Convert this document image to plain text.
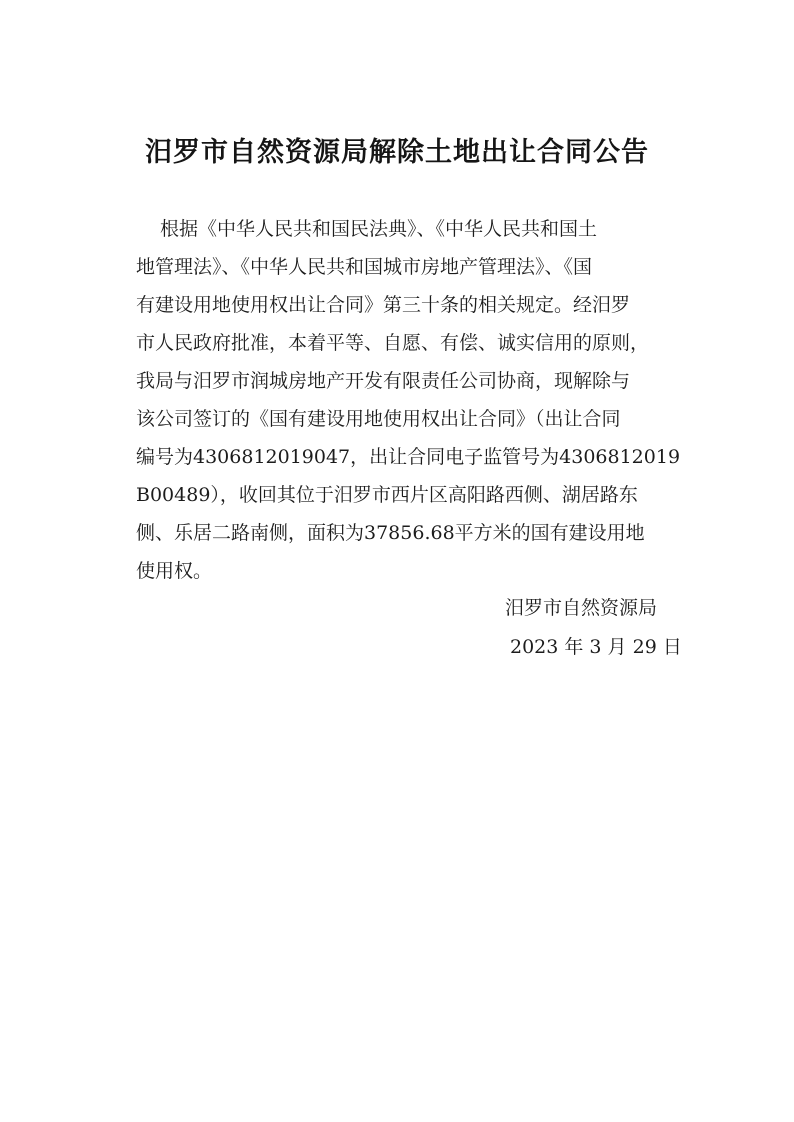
汨罗市自然资源局解除土地出让合同公告
根据《中华人民共和国民法典》、《中华人民共和国土
地管理法》、《中华人民共和国城市房地产管理法》、《国
有建设用地使用权出让合同》第三十条的相关规定。经汨罗
市人民政府批准，本着平等、自愿、有偿、诚实信用的原则，
我局与汨罗市润城房地产开发有限责任公司协商，现解除与
该公司签订的《国有建设用地使用权出让合同》（出让合同
编号为4306812019047，出让合同电子监管号为4306812019
B00489），收回其位于汨罗市西片区高阳路西侧、湖居路东
侧、乐居二路南侧，面积为37856.68平方米的国有建设用地
使用权。
汨罗市自然资源局
2023 年 3 月 29 日
